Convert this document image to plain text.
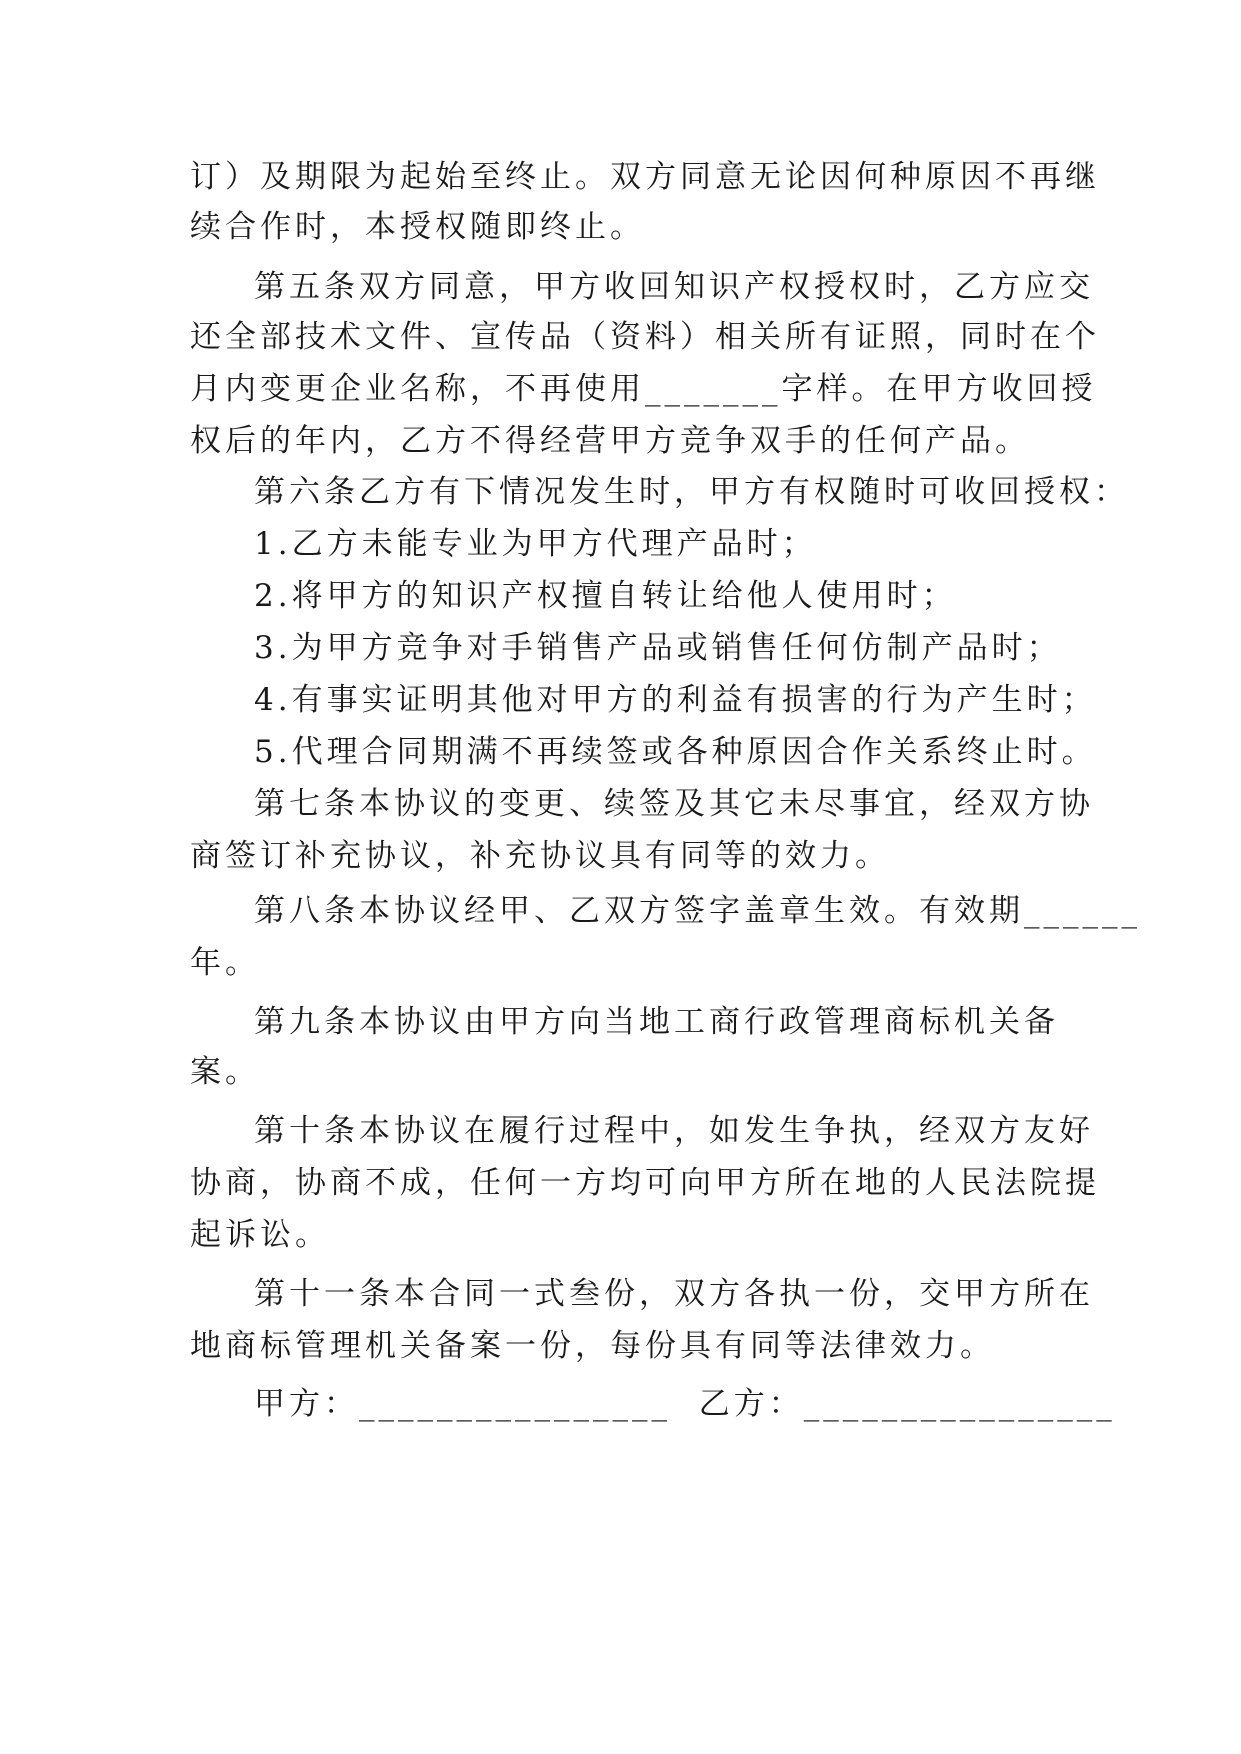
订）及期限为起始至终止。双方同意无论因何种原因不再继
续合作时，本授权随即终止。
第五条双方同意，甲方收回知识产权授权时，乙方应交
还全部技术文件、宣传品（资料）相关所有证照，同时在个
月内变更企业名称，不再使用_______字样。在甲方收回授
权后的年内，乙方不得经营甲方竞争双手的任何产品。
第六条乙方有下情况发生时，甲方有权随时可收回授权：
1.乙方未能专业为甲方代理产品时；
2.将甲方的知识产权擅自转让给他人使用时；
3.为甲方竞争对手销售产品或销售任何仿制产品时；
4.有事实证明其他对甲方的利益有损害的行为产生时；
5.代理合同期满不再续签或各种原因合作关系终止时。
第七条本协议的变更、续签及其它未尽事宜，经双方协
商签订补充协议，补充协议具有同等的效力。
第八条本协议经甲、乙双方签字盖章生效。有效期______
年。
第九条本协议由甲方向当地工商行政管理商标机关备
案。
第十条本协议在履行过程中，如发生争执，经双方友好
协商，协商不成，任何一方均可向甲方所在地的人民法院提
起诉讼。
第十一条本合同一式叁份，双方各执一份，交甲方所在
地商标管理机关备案一份，每份具有同等法律效力。
甲方：________________ 乙方：________________
